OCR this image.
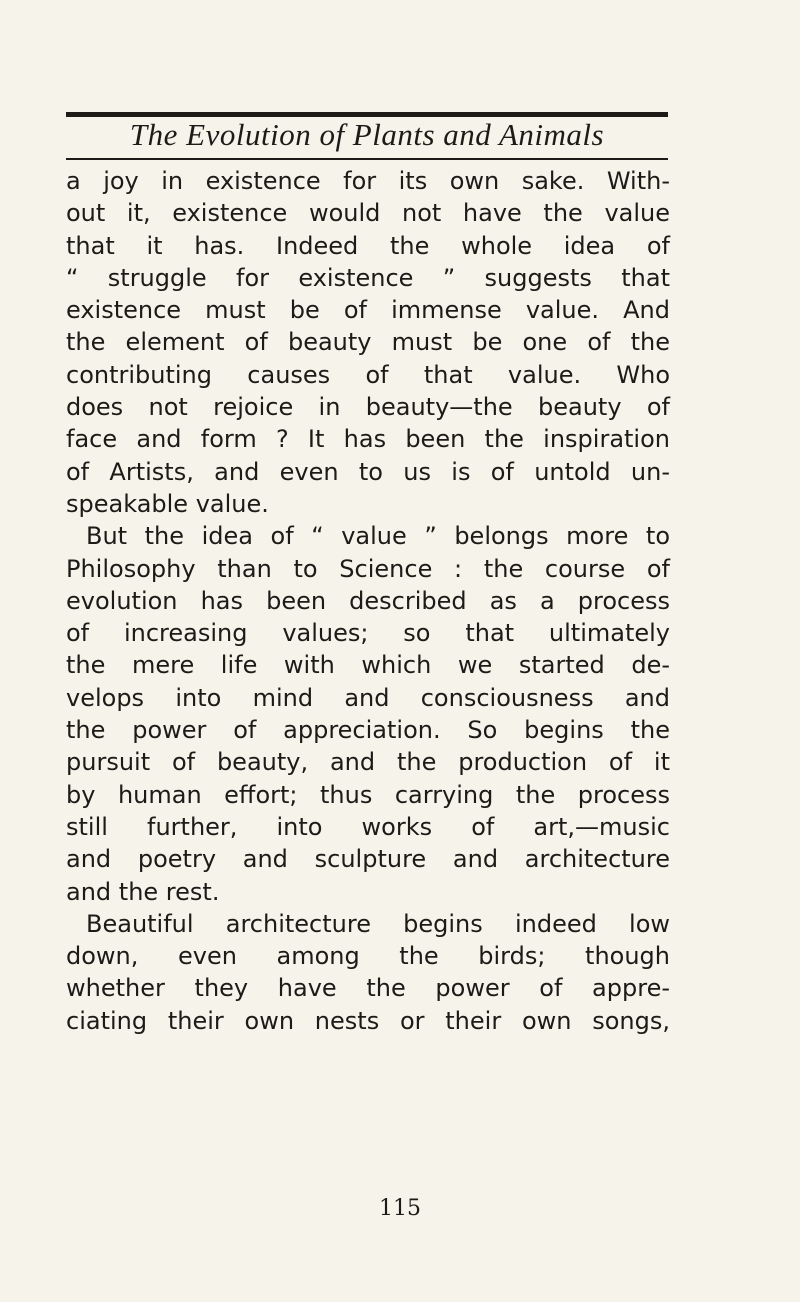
The Evolution of Plants and Animals
a joy in existence for its own sake. With-
out it, existence would not have the value
that it has. Indeed the whole idea of
“ struggle for existence ” suggests that
existence must be of immense value. And
the element of beauty must be one of the
contributing causes of that value. Who
does not rejoice in beauty—the beauty of
face and form ? It has been the inspiration
of Artists, and even to us is of untold un-
speakable value.
But the idea of “ value ” belongs more to
Philosophy than to Science : the course of
evolution has been described as a process
of increasing values; so that ultimately
the mere life with which we started de-
velops into mind and consciousness and
the power of appreciation. So begins the
pursuit of beauty, and the production of it
by human effort; thus carrying the process
still further, into works of art,—music
and poetry and sculpture and architecture
and the rest.
Beautiful architecture begins indeed low
down, even among the birds; though
whether they have the power of appre-
ciating their own nests or their own songs,
115
